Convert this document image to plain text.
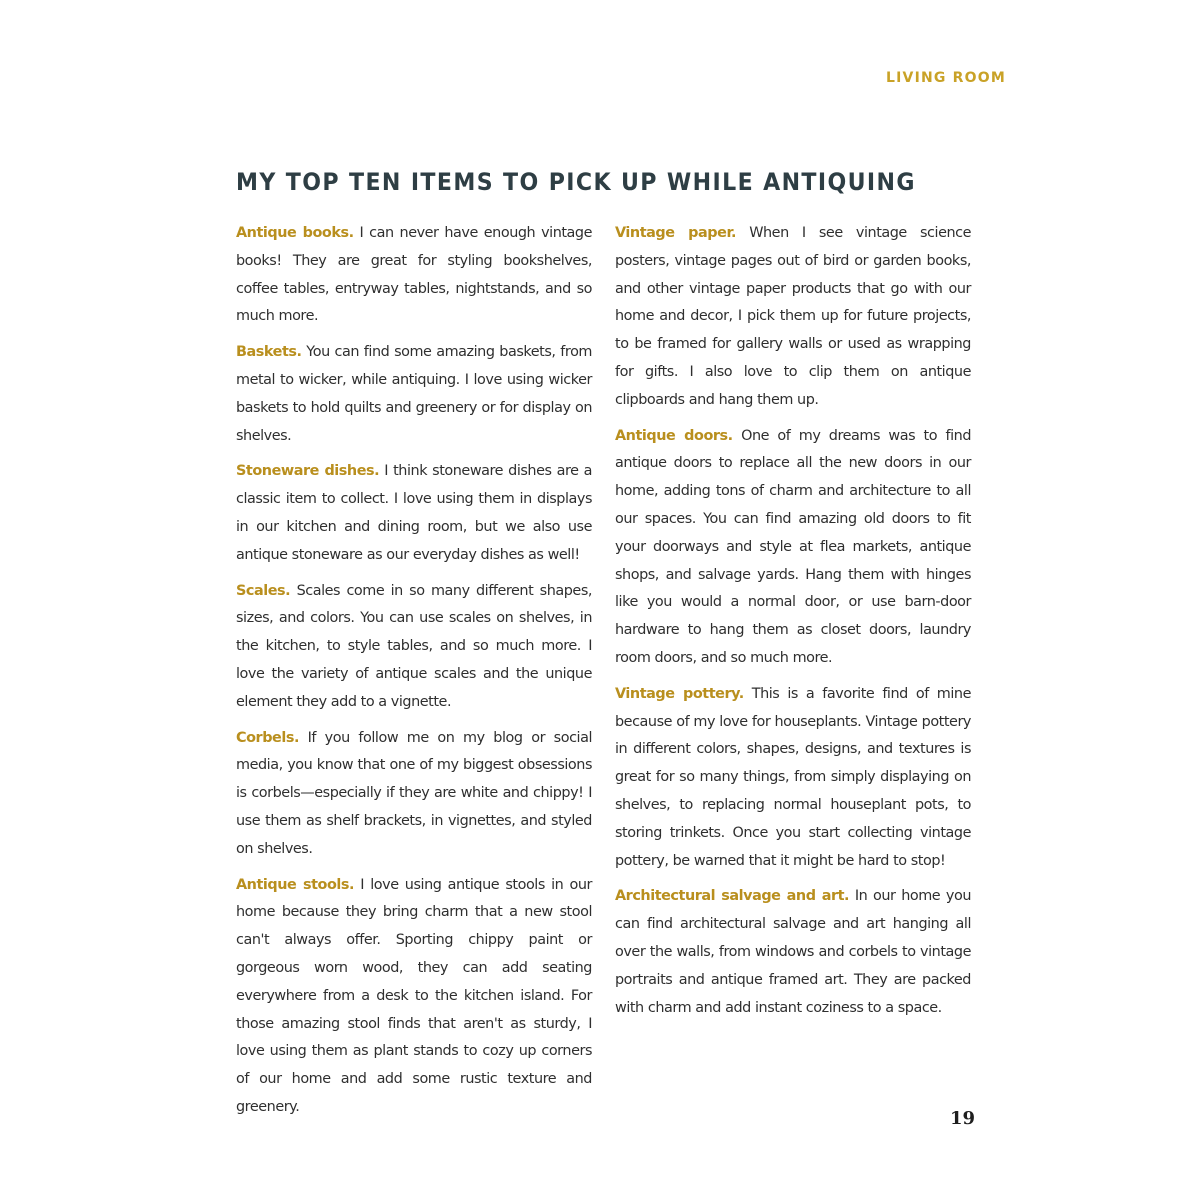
LIVING ROOM
MY TOP TEN ITEMS TO PICK UP WHILE ANTIQUING

Antique books. I can never have enough vintage books! They are great for styling bookshelves, coffee tables, entryway tables, nightstands, and so much more.

Baskets. You can find some amazing baskets, from metal to wicker, while antiquing. I love using wicker baskets to hold quilts and greenery or for display on shelves.

Stoneware dishes. I think stoneware dishes are a classic item to collect. I love using them in displays in our kitchen and dining room, but we also use antique stoneware as our everyday dishes as well!

Scales. Scales come in so many different shapes, sizes, and colors. You can use scales on shelves, in the kitchen, to style tables, and so much more. I love the variety of antique scales and the unique element they add to a vignette.

Corbels. If you follow me on my blog or social media, you know that one of my biggest obsessions is corbels—especially if they are white and chippy! I use them as shelf brackets, in vignettes, and styled on shelves.

Antique stools. I love using antique stools in our home because they bring charm that a new stool can't always offer. Sporting chippy paint or gorgeous worn wood, they can add seating everywhere from a desk to the kitchen island. For those amazing stool finds that aren't as sturdy, I love using them as plant stands to cozy up corners of our home and add some rustic texture and greenery.

Vintage paper. When I see vintage science posters, vintage pages out of bird or garden books, and other vintage paper products that go with our home and decor, I pick them up for future projects, to be framed for gallery walls or used as wrapping for gifts. I also love to clip them on antique clipboards and hang them up.

Antique doors. One of my dreams was to find antique doors to replace all the new doors in our home, adding tons of charm and architecture to all our spaces. You can find amazing old doors to fit your doorways and style at flea markets, antique shops, and salvage yards. Hang them with hinges like you would a normal door, or use barn-door hardware to hang them as closet doors, laundry room doors, and so much more.

Vintage pottery. This is a favorite find of mine because of my love for houseplants. Vintage pottery in different colors, shapes, designs, and textures is great for so many things, from simply displaying on shelves, to replacing normal houseplant pots, to storing trinkets. Once you start collecting vintage pottery, be warned that it might be hard to stop!

Architectural salvage and art. In our home you can find architectural salvage and art hanging all over the walls, from windows and corbels to vintage portraits and antique framed art. They are packed with charm and add instant coziness to a space.

19
